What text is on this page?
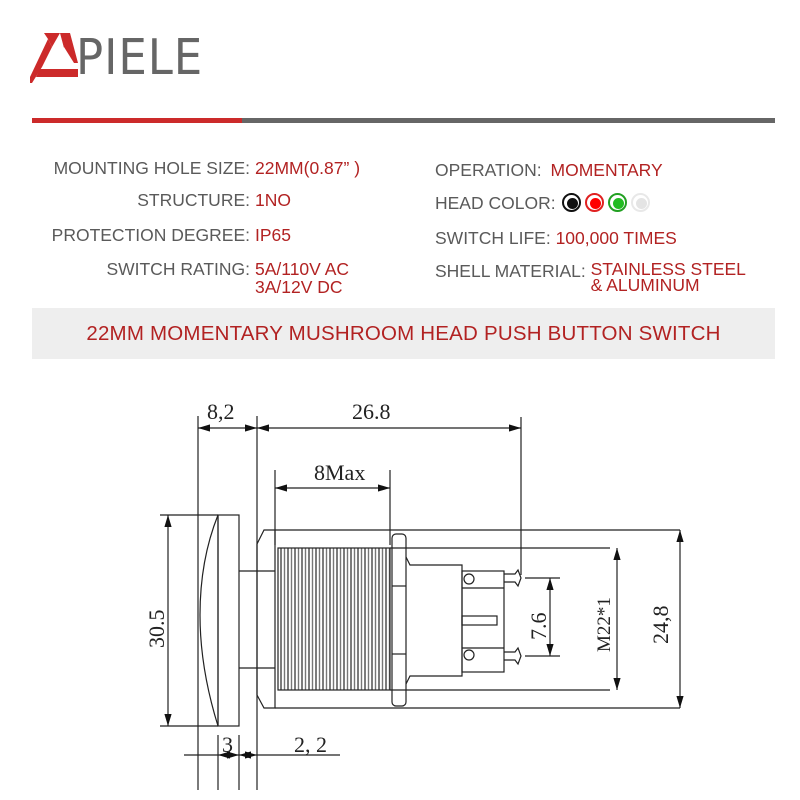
PIELE
MOUNTING HOLE SIZE: 22MM(0.87” )
STRUCTURE: 1NO
PROTECTION DEGREE: IP65
SWITCH RATING: 5A/110V AC
3A/12V DC
OPERATION: MOMENTARY
HEAD COLOR:
SWITCH LIFE: 100,000 TIMES
SHELL MATERIAL: STAINLESS STEEL
& ALUMINUM
22MM MOMENTARY MUSHROOM HEAD PUSH BUTTON SWITCH
8,2	26.8
8Max
30.5
3	2, 2
7.6 M22*1 24,8
